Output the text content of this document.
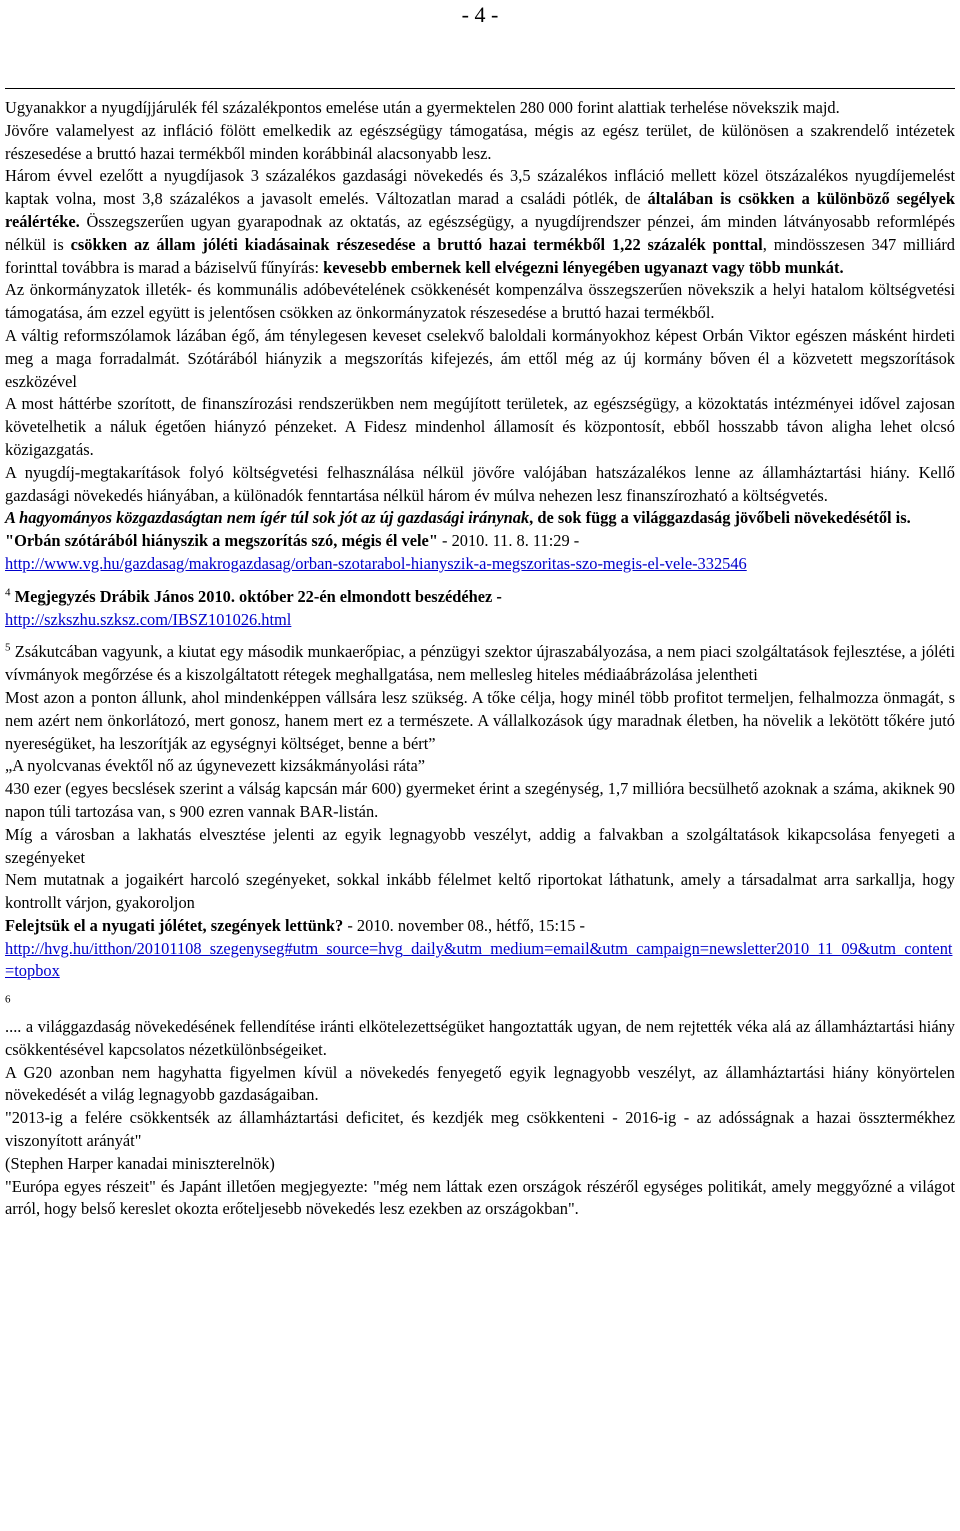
- 4 -

Ugyanakkor a nyugdíjjárulék fél százalékpontos emelése után a gyermektelen 280 000 forint alattiak terhelése növekszik majd.

Jövőre valamelyest az infláció fölött emelkedik az egészségügy támogatása, mégis az egész terület, de különösen a szakrendelő intézetek részesedése a bruttó hazai termékből minden korábbinál alacsonyabb lesz.

Három évvel ezelőtt a nyugdíjasok 3 százalékos gazdasági növekedés és 3,5 százalékos infláció mellett közel ötszázalékos nyugdíjemelést kaptak volna, most 3,8 százalékos a javasolt emelés. Változatlan marad a családi pótlék, de általában is csökken a különböző segélyek reálértéke. Összegszerűen ugyan gyarapodnak az oktatás, az egészségügy, a nyugdíjrendszer pénzei, ám minden látványosabb reformlépés nélkül is csökken az állam jóléti kiadásainak részesedése a bruttó hazai termékből 1,22 százalék ponttal, mindösszesen 347 milliárd forinttal továbbra is marad a báziselvű fűnyírás: kevesebb embernek kell elvégezni lényegében ugyanazt vagy több munkát.

Az önkormányzatok illeték- és kommunális adóbevételének csökkenését kompenzálva összegszerűen növekszik a helyi hatalom költségvetési támogatása, ám ezzel együtt is jelentősen csökken az önkormányzatok részesedése a bruttó hazai termékből.

A váltig reformszólamok lázában égő, ám ténylegesen keveset cselekvő baloldali kormányokhoz képest Orbán Viktor egészen másként hirdeti meg a maga forradalmát. Szótárából hiányzik a megszorítás kifejezés, ám ettől még az új kormány bőven él a közvetett megszorítások eszközével

A most háttérbe szorított, de finanszírozási rendszerükben nem megújított területek, az egészségügy, a közoktatás intézményei idővel zajosan követelhetik a náluk égetően hiányzó pénzeket. A Fidesz mindenhol államosít és központosít, ebből hosszabb távon aligha lehet olcsó közigazgatás.

A nyugdíj-megtakarítások folyó költségvetési felhasználása nélkül jövőre valójában hatszázalékos lenne az államháztartási hiány. Kellő gazdasági növekedés hiányában, a különadók fenntartása nélkül három év múlva nehezen lesz finanszírozható a költségvetés.

A hagyományos közgazdaságtan nem ígér túl sok jót az új gazdasági iránynak, de sok függ a világgazdaság jövőbeli növekedésétől is.

"Orbán szótárából hiányszik a megszorítás szó, mégis él vele" - 2010. 11. 8. 11:29 -

http://www.vg.hu/gazdasag/makrogazdasag/orban-szotarabol-hianyszik-a-megszoritas-szo-megis-el-vele-332546

$^4$ Megjegyzés Drábik János 2010. október 22-én elmondott beszédéhez -

http://szkszhu.szksz.com/IBSZ101026.html

$^5$ Zsákutcában vagyunk, a kiutat egy második munkaerőpiac, a pénzügyi szektor újraszabályozása, a nem piaci szolgáltatások fejlesztése, a jóléti vívmányok megőrzése és a kiszolgáltatott rétegek meghallgatása, nem mellesleg hiteles médiaábrázolása jelentheti

Most azon a ponton állunk, ahol mindenképpen vállsára lesz szükség. A tőke célja, hogy minél több profitot termeljen, felhalmozza önmagát, s nem azért nem önkorlátozó, mert gonosz, hanem mert ez a természete. A vállalkozások úgy maradnak életben, ha növelik a lekötött tőkére jutó nyereségüket, ha leszorítják az egységnyi költséget, benne a bért”

„A nyolcvanas évektől nő az úgynevezett kizsákmányolási ráta”

430 ezer (egyes becslések szerint a válság kapcsán már 600) gyermeket érint a szegénység, 1,7 millióra becsülhető azoknak a száma, akiknek 90 napon túli tartozása van, s 900 ezren vannak BAR-listán.

Míg a városban a lakhatás elvesztése jelenti az egyik legnagyobb veszélyt, addig a falvakban a szolgáltatások kikapcsolása fenyegeti a szegényeket

Nem mutatnak a jogaikért harcoló szegényeket, sokkal inkább félelmet keltő riportokat láthatunk, amely a társadalmat arra sarkallja, hogy kontrollt várjon, gyakoroljon

Felejtsük el a nyugati jólétet, szegények lettünk? - 2010. november 08., hétfő, 15:15 -

http://hvg.hu/itthon/20101108_szegenyseg#utm_source=hvg_daily&utm_medium=email&utm_campaign=newsletter2010_11_09&utm_content=topbox

$^6$
.... a világgazdaság növekedésének fellendítése iránti elkötelezettségüket hangoztatták ugyan, de nem rejtették véka alá az államháztartási hiány csökkentésével kapcsolatos nézetkülönbségeiket.

A G20 azonban nem hagyhatta figyelmen kívül a növekedés fenyegető egyik legnagyobb veszélyt, az államháztartási hiány könyörtelen növekedését a világ legnagyobb gazdaságaiban.

"2013-ig a felére csökkentsék az államháztartási deficitet, és kezdjék meg csökkenteni - 2016-ig - az adósságnak a hazai össztermékhez viszonyított arányát"

(Stephen Harper kanadai miniszterelnök)

"Európa egyes részeit" és Japánt illetően megjegyezte: "még nem láttak ezen országok részéről egységes politikát, amely meggyőzné a világot arról, hogy belső kereslet okozta erőteljesebb növekedés lesz ezekben az országokban".
